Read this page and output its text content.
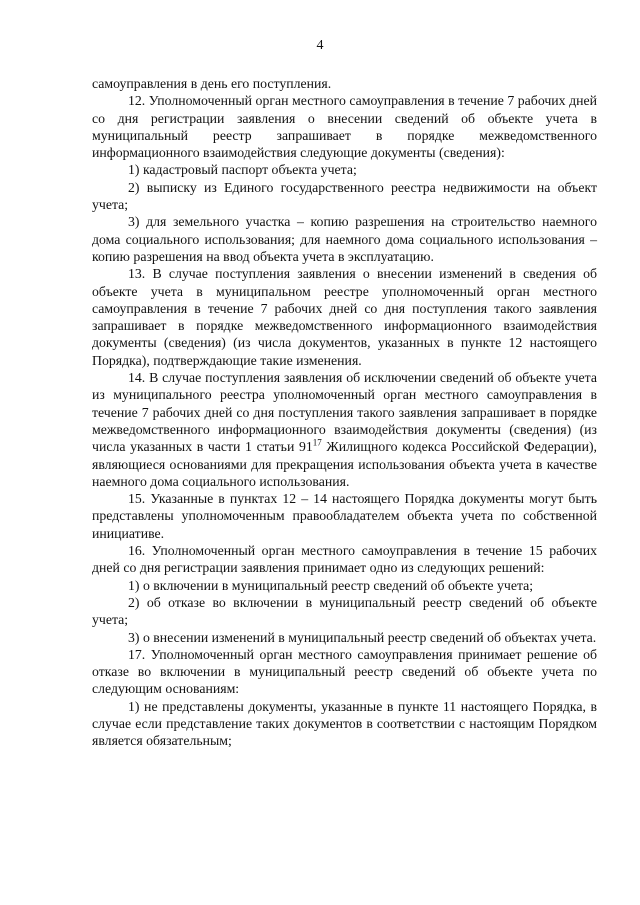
4

самоуправления в день его поступления.

12. Уполномоченный орган местного самоуправления в течение 7 рабочих дней со дня регистрации заявления о внесении сведений об объекте учета в муниципальный реестр запрашивает в порядке межведомственного информационного взаимодействия следующие документы (сведения):

1) кадастровый паспорт объекта учета;

2) выписку из Единого государственного реестра недвижимости на объект учета;

3) для земельного участка – копию разрешения на строительство наемного дома социального использования; для наемного дома социального использования – копию разрешения на ввод объекта учета в эксплуатацию.

13. В случае поступления заявления о внесении изменений в сведения об объекте учета в муниципальном реестре уполномоченный орган местного самоуправления в течение 7 рабочих дней со дня поступления такого заявления запрашивает в порядке межведомственного информационного взаимодействия документы (сведения) (из числа документов, указанных в пункте 12 настоящего Порядка), подтверждающие такие изменения.

14. В случае поступления заявления об исключении сведений об объекте учета из муниципального реестра уполномоченный орган местного самоуправления в течение 7 рабочих дней со дня поступления такого заявления запрашивает в порядке межведомственного информационного взаимодействия документы (сведения) (из числа указанных в части 1 статьи $91^{17}$ Жилищного кодекса Российской Федерации), являющиеся основаниями для прекращения использования объекта учета в качестве наемного дома социального использования.

15. Указанные в пунктах 12 – 14 настоящего Порядка документы могут быть представлены уполномоченным правообладателем объекта учета по собственной инициативе.

16. Уполномоченный орган местного самоуправления в течение 15 рабочих дней со дня регистрации заявления принимает одно из следующих решений:

1) о включении в муниципальный реестр сведений об объекте учета;

2) об отказе во включении в муниципальный реестр сведений об объекте учета;

3) о внесении изменений в муниципальный реестр сведений об объектах учета.

17. Уполномоченный орган местного самоуправления принимает решение об отказе во включении в муниципальный реестр сведений об объекте учета по следующим основаниям:

1) не представлены документы, указанные в пункте 11 настоящего Порядка, в случае если представление таких документов в соответствии с настоящим Порядком является обязательным;
